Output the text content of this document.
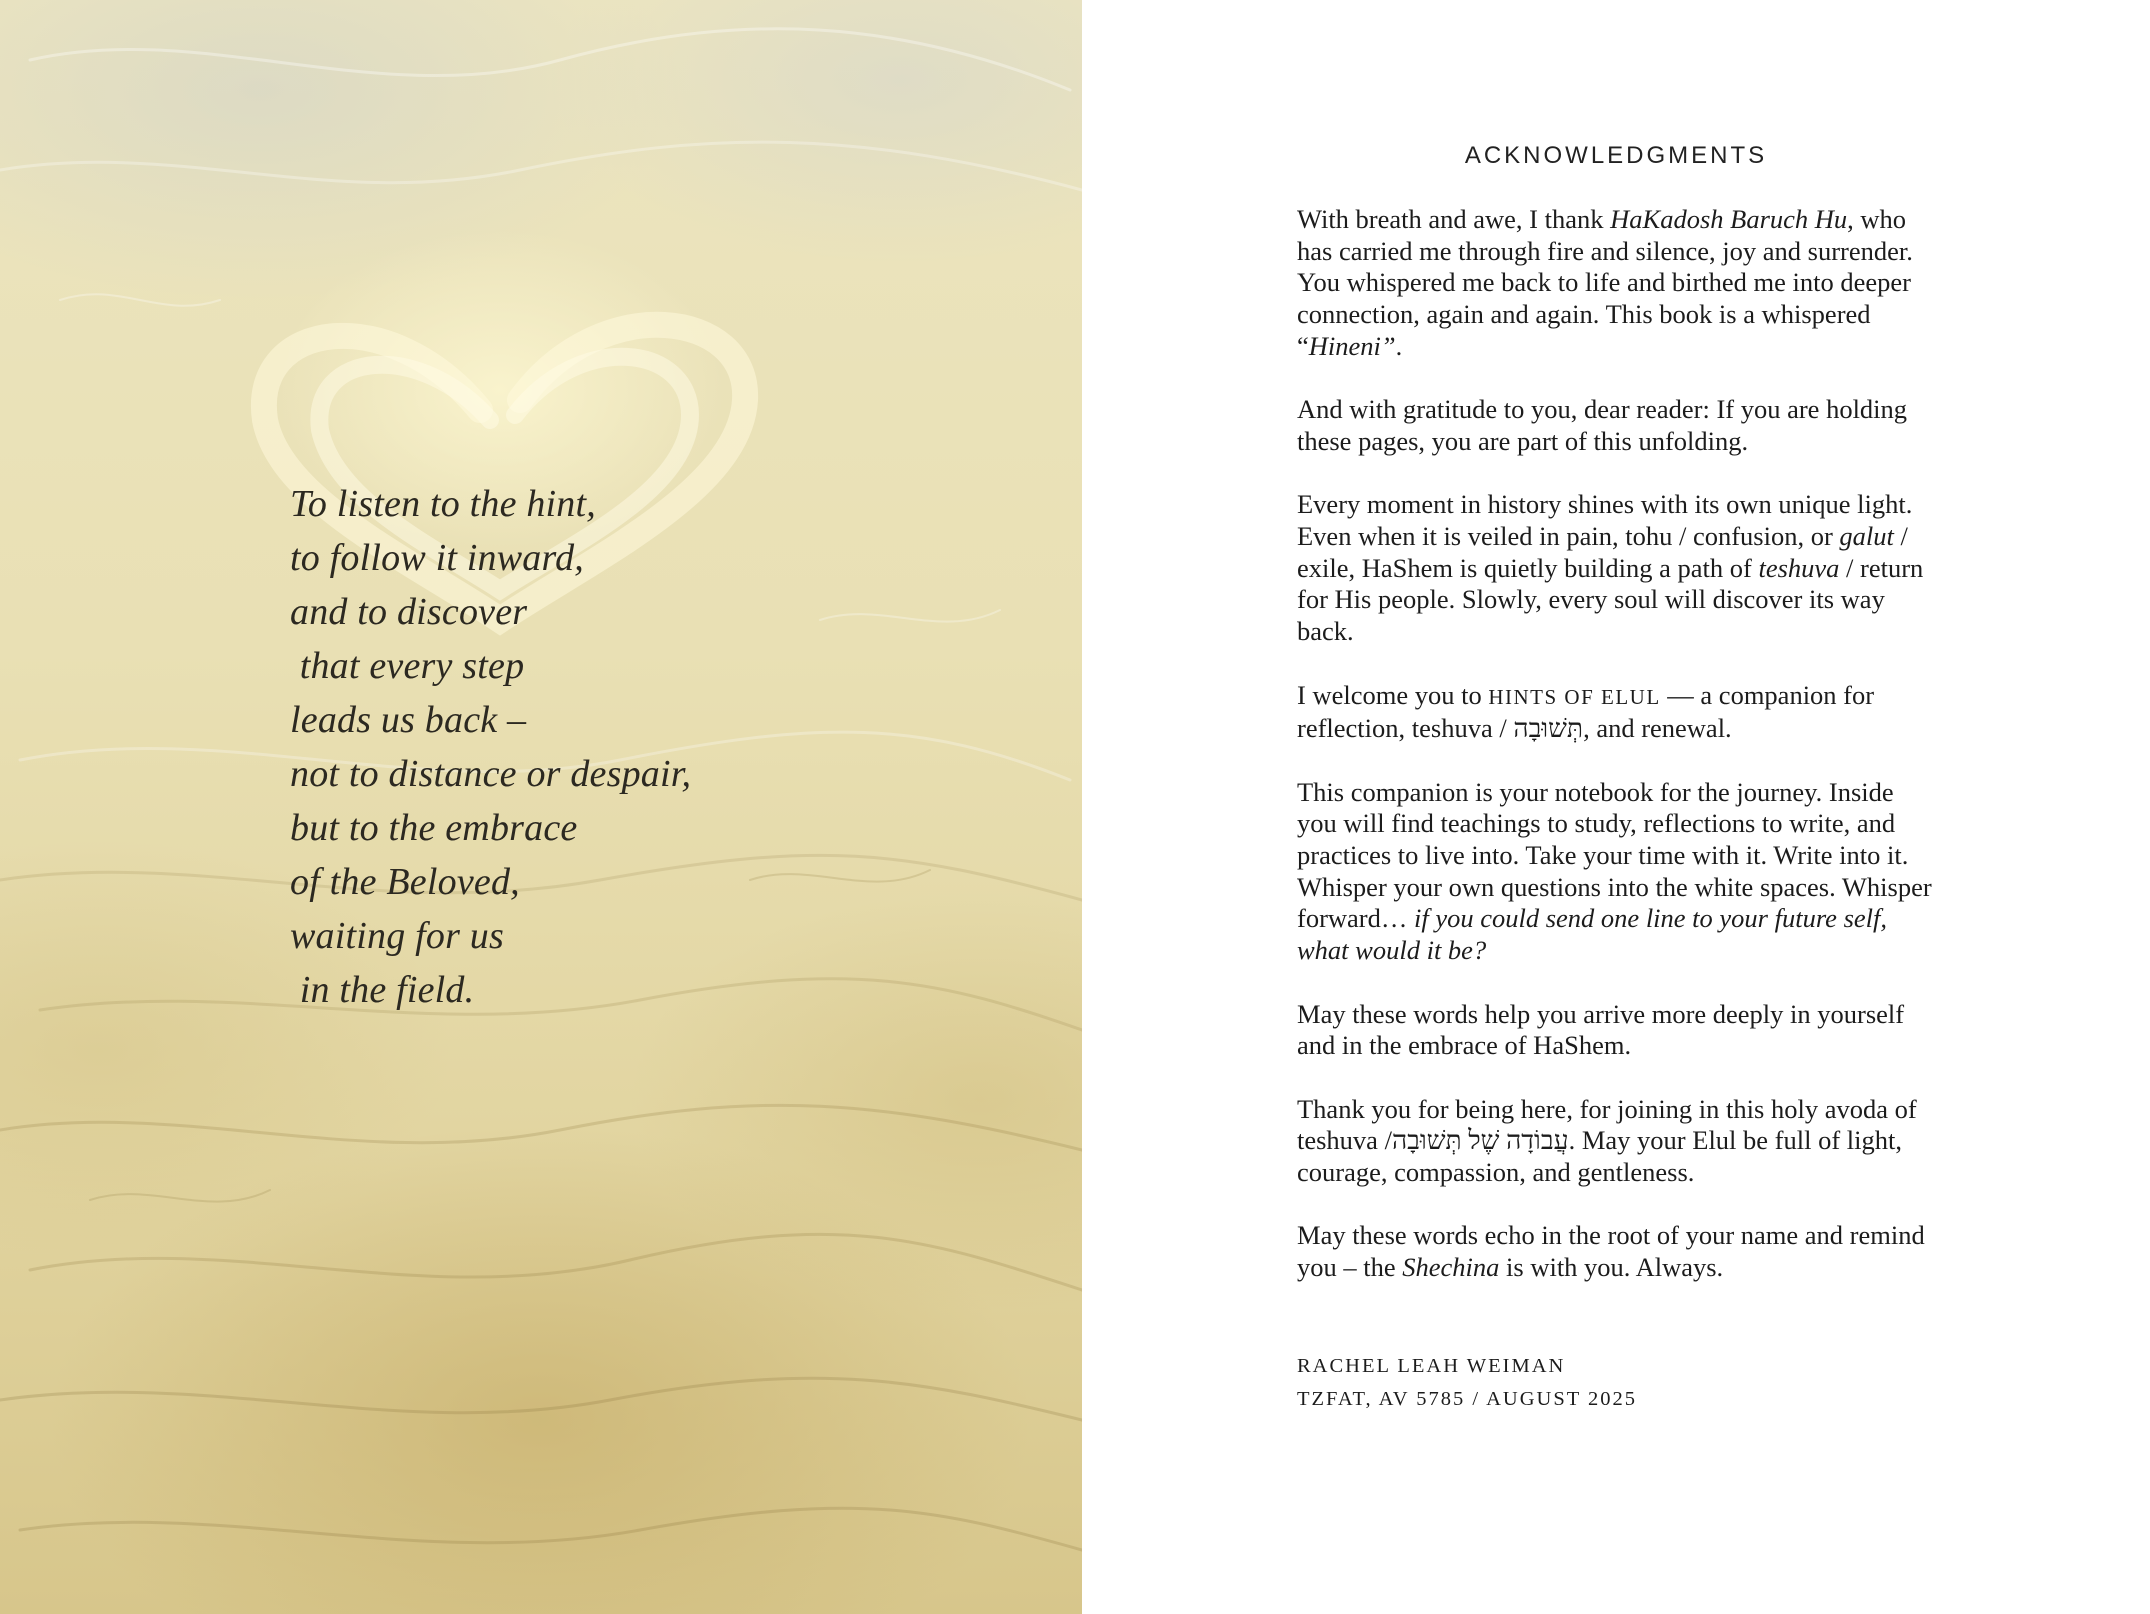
To listen to the hint,
to follow it inward,
and to discover
that every step
leads us back –
not to distance or despair,
but to the embrace
of the Beloved,
waiting for us
in the field.
ACKNOWLEDGMENTS

With breath and awe, I thank HaKadosh Baruch Hu, who has carried me through fire and silence, joy and surrender. You whispered me back to life and birthed me into deeper connection, again and again. This book is a whispered “Hineni”.

And with gratitude to you, dear reader: If you are holding these pages, you are part of this unfolding.

Every moment in history shines with its own unique light. Even when it is veiled in pain, tohu / confusion, or galut / exile, HaShem is quietly building a path of teshuva / return for His people. Slowly, every soul will discover its way back.

I welcome you to HINTS OF ELUL — a companion for reflection, teshuva / תְּשׁוּבָה, and renewal.

This companion is your notebook for the journey. Inside you will find teachings to study, reflections to write, and practices to live into. Take your time with it. Write into it. Whisper your own questions into the white spaces. Whisper forward… if you could send one line to your future self, what would it be?

May these words help you arrive more deeply in yourself and in the embrace of HaShem.

Thank you for being here, for joining in this holy avoda of teshuva /.עֲבוֹדָה שֶׁל תְּשׁוּבָה May your Elul be full of light, courage, compassion, and gentleness.

May these words echo in the root of your name and remind you – the Shechina is with you. Always.

RACHEL LEAH WEIMAN
TZFAT, AV 5785 / AUGUST 2025
